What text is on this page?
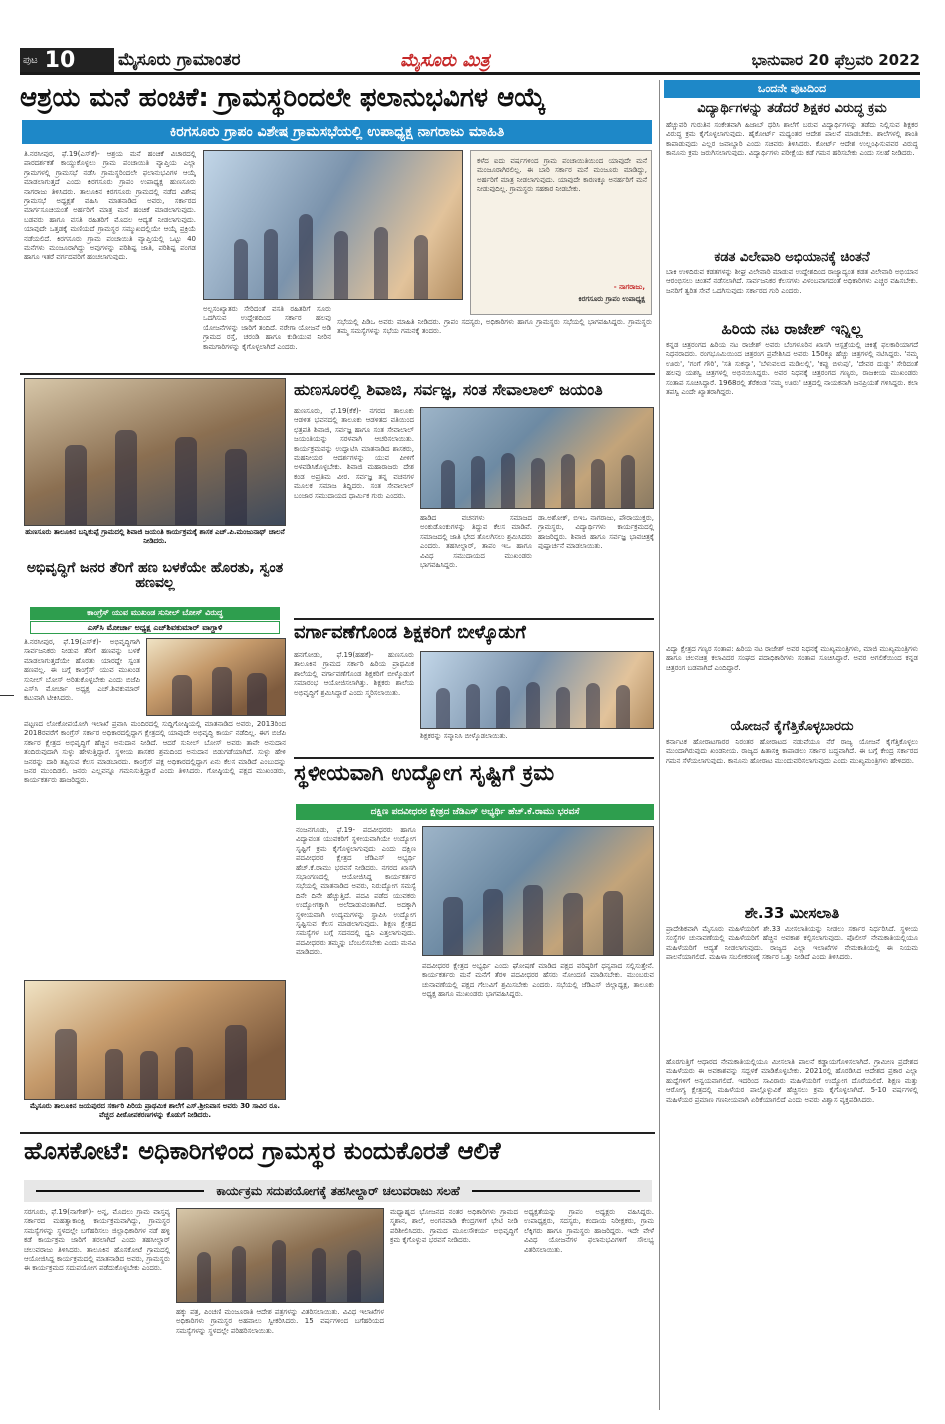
ಪುಟ 10	ಮೈಸೂರು ಗ್ರಾಮಾಂತರ	ಮೈಸೂರು ಮಿತ್ರ	ಭಾನುವಾರ 20 ಫೆಬ್ರವರಿ 2022
ಆಶ್ರಯ ಮನೆ ಹಂಚಿಕೆ: ಗ್ರಾಮಸ್ಥರಿಂದಲೇ ಫಲಾನುಭವಿಗಳ ಆಯ್ಕೆ
ಕಿರಗಸೂರು ಗ್ರಾಪಂ ವಿಶೇಷ ಗ್ರಾಮಸಭೆಯಲ್ಲಿ ಉಪಾಧ್ಯಕ್ಷ ನಾಗರಾಜು ಮಾಹಿತಿ

ತಿ.ನರಸೀಪುರ, ಫೆ.19(ಎಸ್‌ಕೆ)- ಆಶ್ರಯ ಮನೆ ಹಂಚಿಕೆ ವಿಚಾರದಲ್ಲಿ ಪಾರದರ್ಶಕತೆ ಕಾಯ್ದುಕೊಳ್ಳಲು ಗ್ರಾಮ ಪಂಚಾಯಿತಿ ವ್ಯಾಪ್ತಿಯ ಎಲ್ಲಾ ಗ್ರಾಮಗಳಲ್ಲಿ ಗ್ರಾಮಸಭೆ ನಡೆಸಿ ಗ್ರಾಮಸ್ಥರಿಂದಲೇ ಫಲಾನುಭವಿಗಳ ಆಯ್ಕೆ ಮಾಡಲಾಗುತ್ತದೆ ಎಂದು ಕಿರಗಸೂರು ಗ್ರಾಪಂ ಉಪಾಧ್ಯಕ್ಷ ಹುಣಸೂರು ನಾಗರಾಜು ತಿಳಿಸಿದರು. ತಾಲೂಕಿನ ಕಿರಗಸೂರು ಗ್ರಾಮದಲ್ಲಿ ನಡೆದ ವಿಶೇಷ ಗ್ರಾಮಸಭೆ ಅಧ್ಯಕ್ಷತೆ ವಹಿಸಿ ಮಾತನಾಡಿದ ಅವರು, ಸರ್ಕಾರದ ಮಾರ್ಗಸೂಚಿಯಂತೆ ಅರ್ಹರಿಗೆ ಮಾತ್ರ ಮನೆ ಹಂಚಿಕೆ ಮಾಡಲಾಗುವುದು. ಬಡವರು ಹಾಗೂ ವಸತಿ ರಹಿತರಿಗೆ ಮೊದಲ ಆದ್ಯತೆ ನೀಡಲಾಗುವುದು. ಯಾವುದೇ ಒತ್ತಡಕ್ಕೆ ಮಣಿಯದೆ ಗ್ರಾಮಸ್ಥರ ಸಮ್ಮುಖದಲ್ಲಿಯೇ ಆಯ್ಕೆ ಪ್ರಕ್ರಿಯೆ ನಡೆಯಲಿದೆ. ಕಿರಗಸೂರು ಗ್ರಾಮ ಪಂಚಾಯಿತಿ ವ್ಯಾಪ್ತಿಯಲ್ಲಿ ಒಟ್ಟು 40 ಮನೆಗಳು ಮಂಜೂರಾಗಿದ್ದು ಅವುಗಳನ್ನು ಪರಿಶಿಷ್ಟ ಜಾತಿ, ಪರಿಶಿಷ್ಟ ಪಂಗಡ ಹಾಗೂ ಇತರೆ ವರ್ಗದವರಿಗೆ ಹಂಚಲಾಗುವುದು.

ಕಳೆದ ಐದು ವರ್ಷಗಳಿಂದ ಗ್ರಾಮ ಪಂಚಾಯಿತಿಯಿಂದ ಯಾವುದೇ ಮನೆ ಮಂಜೂರಾಗಿರಲಿಲ್ಲ. ಈ ಬಾರಿ ಸರ್ಕಾರ ಮನೆ ಮಂಜೂರು ಮಾಡಿದ್ದು, ಅರ್ಹರಿಗೆ ಮಾತ್ರ ನೀಡಲಾಗುವುದು. ಯಾವುದೇ ಕಾರಣಕ್ಕೂ ಅನರ್ಹರಿಗೆ ಮನೆ ನೀಡುವುದಿಲ್ಲ. ಗ್ರಾಮಸ್ಥರು ಸಹಕಾರ ನೀಡಬೇಕು.
- ನಾಗರಾಜು,
ಕಿರಗಸೂರು ಗ್ರಾಪಂ ಉಪಾಧ್ಯಕ್ಷ
ಅಲ್ಪಸಂಖ್ಯಾತರು ಸೇರಿದಂತೆ ವಸತಿ ರಹಿತರಿಗೆ ಸೂರು ಒದಗಿಸುವ ಉದ್ದೇಶದಿಂದ ಸರ್ಕಾರ ಹಲವು ಯೋಜನೆಗಳನ್ನು ಜಾರಿಗೆ ತಂದಿದೆ. ನರೇಗಾ ಯೋಜನೆ ಅಡಿ ಗ್ರಾಮದ ರಸ್ತೆ, ಚರಂಡಿ ಹಾಗೂ ಕುಡಿಯುವ ನೀರಿನ ಕಾಮಗಾರಿಗಳನ್ನು ಕೈಗೊಳ್ಳಲಾಗಿದೆ ಎಂದರು.
ಸಭೆಯಲ್ಲಿ ಪಿಡಿಒ ಅವರು ಮಾಹಿತಿ ನೀಡಿದರು. ಗ್ರಾಪಂ ಸದಸ್ಯರು, ಅಧಿಕಾರಿಗಳು ಹಾಗೂ ಗ್ರಾಮಸ್ಥರು ಸಭೆಯಲ್ಲಿ ಭಾಗವಹಿಸಿದ್ದರು. ಗ್ರಾಮಸ್ಥರು ತಮ್ಮ ಸಮಸ್ಯೆಗಳನ್ನು ಸಭೆಯ ಗಮನಕ್ಕೆ ತಂದರು.
ಹುಣಸೂರು ತಾಲೂಕಿನ ಬನ್ನಿಕುಪ್ಪೆ ಗ್ರಾಮದಲ್ಲಿ ಶಿವಾಜಿ ಜಯಂತಿ ಕಾರ್ಯಕ್ರಮಕ್ಕೆ ಶಾಸಕ ಎಚ್.ಪಿ.ಮಂಜುನಾಥ್ ಚಾಲನೆ ನೀಡಿದರು.
ಹುಣಸೂರಲ್ಲಿ ಶಿವಾಜಿ, ಸರ್ವಜ್ಞ, ಸಂತ ಸೇವಾಲಾಲ್ ಜಯಂತಿ
ಹುಣಸೂರು, ಫೆ.19(ಕೆಕೆ)- ನಗರದ ತಾಲೂಕು ಆಡಳಿತ ಭವನದಲ್ಲಿ ತಾಲೂಕು ಆಡಳಿತದ ವತಿಯಿಂದ ಛತ್ರಪತಿ ಶಿವಾಜಿ, ಸರ್ವಜ್ಞ ಹಾಗೂ ಸಂತ ಸೇವಾಲಾಲ್ ಜಯಂತಿಯನ್ನು ಸರಳವಾಗಿ ಆಚರಿಸಲಾಯಿತು. ಕಾರ್ಯಕ್ರಮವನ್ನು ಉದ್ಘಾಟಿಸಿ ಮಾತನಾಡಿದ ಶಾಸಕರು, ಮಹನೀಯರ ಆದರ್ಶಗಳನ್ನು ಯುವ ಪೀಳಿಗೆ ಅಳವಡಿಸಿಕೊಳ್ಳಬೇಕು. ಶಿವಾಜಿ ಮಹಾರಾಜರು ದೇಶ ಕಂಡ ಅಪ್ರತಿಮ ವೀರ. ಸರ್ವಜ್ಞ ತನ್ನ ವಚನಗಳ ಮೂಲಕ ಸಮಾಜ ತಿದ್ದಿದರು. ಸಂತ ಸೇವಾಲಾಲ್ ಬಂಜಾರ ಸಮುದಾಯದ ಧಾರ್ಮಿಕ ಗುರು ಎಂದರು.
ಹಾಡಿದ ವಚನಗಳು ಸಮಾಜದ ಅಂಕುಡೊಂಕುಗಳನ್ನು ತಿದ್ದುವ ಕೆಲಸ ಮಾಡಿವೆ. ಸಮಾಜದಲ್ಲಿ ಜಾತಿ ಭೇದ ತೊಲಗಿಸಲು ಶ್ರಮಿಸಿದರು ಎಂದರು. ತಹಸೀಲ್ದಾರ್, ತಾಪಂ ಇಒ ಹಾಗೂ ವಿವಿಧ ಸಮುದಾಯದ ಮುಖಂಡರು ಭಾಗವಹಿಸಿದ್ದರು.
ಡಾ.ಅಶೋಕ್, ಬಿಇಒ ನಾಗರಾಜು, ಪೌರಾಯುಕ್ತರು, ಗ್ರಾಮಸ್ಥರು, ವಿದ್ಯಾರ್ಥಿಗಳು ಕಾರ್ಯಕ್ರಮದಲ್ಲಿ ಹಾಜರಿದ್ದರು. ಶಿವಾಜಿ ಹಾಗೂ ಸರ್ವಜ್ಞ ಭಾವಚಿತ್ರಕ್ಕೆ ಪುಷ್ಪಾರ್ಚನೆ ಮಾಡಲಾಯಿತು.
ಅಭಿವೃದ್ಧಿಗೆ ಜನರ ತೆರಿಗೆ ಹಣ ಬಳಕೆಯೇ ಹೊರತು, ಸ್ವಂತ ಹಣವಲ್ಲ
ಕಾಂಗ್ರೆಸ್ ಯುವ ಮುಖಂಡ ಸುನೀಲ್ ಬೋಸ್ ವಿರುದ್ಧ
ಎಸ್‌ಸಿ ಮೋರ್ಚಾ ಅಧ್ಯಕ್ಷ ಎಚ್‌ಶಿವಕುಮಾರ್ ವಾಗ್ದಾಳಿ
ತಿ.ನರಸೀಪುರ, ಫೆ.19(ಎಸ್‌ಕೆ)- ಅಭಿವೃದ್ಧಿಗಾಗಿ ಸಾರ್ವಜನಿಕರು ನೀಡುವ ತೆರಿಗೆ ಹಣವನ್ನು ಬಳಕೆ ಮಾಡಲಾಗುತ್ತದೆಯೇ ಹೊರತು ಯಾರದ್ದೇ ಸ್ವಂತ ಹಣವಲ್ಲ. ಈ ಬಗ್ಗೆ ಕಾಂಗ್ರೆಸ್ ಯುವ ಮುಖಂಡ ಸುನೀಲ್ ಬೋಸ್ ಅರಿತುಕೊಳ್ಳಬೇಕು ಎಂದು ಬಿಜೆಪಿ ಎಸ್‌ಸಿ ಮೋರ್ಚಾ ಅಧ್ಯಕ್ಷ ಎಚ್.ಶಿವಕುಮಾರ್ ಕಟುವಾಗಿ ಟೀಕಿಸಿದರು.
ಪಟ್ಟಣದ ಲೋಕೋಪಯೋಗಿ ಇಲಾಖೆ ಪ್ರವಾಸಿ ಮಂದಿರದಲ್ಲಿ ಸುದ್ದಿಗೋಷ್ಠಿಯಲ್ಲಿ ಮಾತನಾಡಿದ ಅವರು, 2013ರಿಂದ 2018ರವರೆಗೆ ಕಾಂಗ್ರೆಸ್ ಸರ್ಕಾರ ಅಧಿಕಾರದಲ್ಲಿದ್ದಾಗ ಕ್ಷೇತ್ರದಲ್ಲಿ ಯಾವುದೇ ಅಭಿವೃದ್ಧಿ ಕಾರ್ಯ ನಡೆದಿಲ್ಲ. ಈಗ ಬಿಜೆಪಿ ಸರ್ಕಾರ ಕ್ಷೇತ್ರದ ಅಭಿವೃದ್ಧಿಗೆ ಹೆಚ್ಚಿನ ಅನುದಾನ ನೀಡಿದೆ. ಆದರೆ ಸುನೀಲ್ ಬೋಸ್ ಅವರು ತಾವೇ ಅನುದಾನ ತಂದಿರುವುದಾಗಿ ಸುಳ್ಳು ಹೇಳುತ್ತಿದ್ದಾರೆ. ಸ್ಥಳೀಯ ಶಾಸಕರ ಶ್ರಮದಿಂದ ಅನುದಾನ ಬಿಡುಗಡೆಯಾಗಿದೆ. ಸುಳ್ಳು ಹೇಳಿ ಜನರನ್ನು ದಾರಿ ತಪ್ಪಿಸುವ ಕೆಲಸ ಮಾಡಬಾರದು. ಕಾಂಗ್ರೆಸ್ ಪಕ್ಷ ಅಧಿಕಾರದಲ್ಲಿದ್ದಾಗ ಏನು ಕೆಲಸ ಮಾಡಿದೆ ಎಂಬುದನ್ನು ಜನರ ಮುಂದಿಡಲಿ. ಜನರು ಎಲ್ಲವನ್ನೂ ಗಮನಿಸುತ್ತಿದ್ದಾರೆ ಎಂದು ತಿಳಿಸಿದರು. ಗೋಷ್ಠಿಯಲ್ಲಿ ಪಕ್ಷದ ಮುಖಂಡರು, ಕಾರ್ಯಕರ್ತರು ಹಾಜರಿದ್ದರು.
ವರ್ಗಾವಣೆಗೊಂಡ ಶಿಕ್ಷಕರಿಗೆ ಬೀಳ್ಕೊಡುಗೆ
ಹನಗೋಡು, ಫೆ.19(ಹಹಕೆ)- ಹುಣಸೂರು ತಾಲೂಕಿನ ಗ್ರಾಮದ ಸರ್ಕಾರಿ ಹಿರಿಯ ಪ್ರಾಥಮಿಕ ಶಾಲೆಯಲ್ಲಿ ವರ್ಗಾವಣೆಗೊಂಡ ಶಿಕ್ಷಕರಿಗೆ ಬೀಳ್ಕೊಡುಗೆ ಸಮಾರಂಭ ಆಯೋಜಿಸಲಾಗಿತ್ತು. ಶಿಕ್ಷಕರು ಶಾಲೆಯ ಅಭಿವೃದ್ಧಿಗೆ ಶ್ರಮಿಸಿದ್ದಾರೆ ಎಂದು ಸ್ಮರಿಸಲಾಯಿತು.
ಶಿಕ್ಷಕರನ್ನು ಸನ್ಮಾನಿಸಿ ಬೀಳ್ಕೊಡಲಾಯಿತು.
ಸ್ಥಳೀಯವಾಗಿ ಉದ್ಯೋಗ ಸೃಷ್ಟಿಗೆ ಕ್ರಮ
ದಕ್ಷಿಣ ಪದವೀಧರರ ಕ್ಷೇತ್ರದ ಜೆಡಿಎಸ್ ಅಭ್ಯರ್ಥಿ ಹೆಚ್.ಕೆ.ರಾಮು ಭರವಸೆ
ನಂಜನಗೂಡು, ಫೆ.19- ಪದವೀಧರರು ಹಾಗೂ ವಿದ್ಯಾವಂತ ಯುವಕರಿಗೆ ಸ್ಥಳೀಯವಾಗಿಯೇ ಉದ್ಯೋಗ ಸೃಷ್ಟಿಗೆ ಕ್ರಮ ಕೈಗೊಳ್ಳಲಾಗುವುದು ಎಂದು ದಕ್ಷಿಣ ಪದವೀಧರರ ಕ್ಷೇತ್ರದ ಜೆಡಿಎಸ್ ಅಭ್ಯರ್ಥಿ ಹೆಚ್.ಕೆ.ರಾಮು ಭರವಸೆ ನೀಡಿದರು. ನಗರದ ಖಾಸಗಿ ಸಭಾಂಗಣದಲ್ಲಿ ಆಯೋಜಿಸಿದ್ದ ಕಾರ್ಯಕರ್ತರ ಸಭೆಯಲ್ಲಿ ಮಾತನಾಡಿದ ಅವರು, ನಿರುದ್ಯೋಗ ಸಮಸ್ಯೆ ದಿನೇ ದಿನೇ ಹೆಚ್ಚುತ್ತಿದೆ. ಪದವಿ ಪಡೆದ ಯುವಕರು ಉದ್ಯೋಗಕ್ಕಾಗಿ ಅಲೆದಾಡುವಂತಾಗಿದೆ. ಅದಕ್ಕಾಗಿ ಸ್ಥಳೀಯವಾಗಿ ಉದ್ಯಮಗಳನ್ನು ಸ್ಥಾಪಿಸಿ ಉದ್ಯೋಗ ಸೃಷ್ಟಿಸುವ ಕೆಲಸ ಮಾಡಲಾಗುವುದು. ಶಿಕ್ಷಣ ಕ್ಷೇತ್ರದ ಸಮಸ್ಯೆಗಳ ಬಗ್ಗೆ ಸದನದಲ್ಲಿ ಧ್ವನಿ ಎತ್ತಲಾಗುವುದು. ಪದವೀಧರರು ತಮ್ಮನ್ನು ಬೆಂಬಲಿಸಬೇಕು ಎಂದು ಮನವಿ ಮಾಡಿದರು.
ಪದವೀಧರರ ಕ್ಷೇತ್ರದ ಅಭ್ಯರ್ಥಿ ಎಂದು ಘೋಷಣೆ ಮಾಡಿದ ಪಕ್ಷದ ವರಿಷ್ಠರಿಗೆ ಧನ್ಯವಾದ ಸಲ್ಲಿಸುತ್ತೇನೆ. ಕಾರ್ಯಕರ್ತರು ಮನೆ ಮನೆಗೆ ತೆರಳಿ ಪದವೀಧರರ ಹೆಸರು ನೋಂದಣಿ ಮಾಡಿಸಬೇಕು. ಮುಂಬರುವ ಚುನಾವಣೆಯಲ್ಲಿ ಪಕ್ಷದ ಗೆಲುವಿಗೆ ಶ್ರಮಿಸಬೇಕು ಎಂದರು. ಸಭೆಯಲ್ಲಿ ಜೆಡಿಎಸ್ ಜಿಲ್ಲಾಧ್ಯಕ್ಷ, ತಾಲೂಕು ಅಧ್ಯಕ್ಷ ಹಾಗೂ ಮುಖಂಡರು ಭಾಗವಹಿಸಿದ್ದರು.
ಮೈಸೂರು ತಾಲೂಕಿನ ಜಯಪುರದ ಸರ್ಕಾರಿ ಪಿರಿಯ ಪ್ರಾಥಮಿಕ ಶಾಲೆಗೆ ಎಸ್.ಶ್ರೀನಿವಾಸ ಅವರು 30 ಸಾವಿರ ರೂ. ವೆಚ್ಚದ ಪೀಠೋಪಕರಣಗಳನ್ನು ಕೊಡುಗೆ ನೀಡಿದರು.
ಹೊಸಕೋಟೆ: ಅಧಿಕಾರಿಗಳಿಂದ ಗ್ರಾಮಸ್ಥರ ಕುಂದುಕೊರತೆ ಆಲಿಕೆ
ಕಾರ್ಯಕ್ರಮ ಸದುಪಯೋಗಕ್ಕೆ ತಹಸೀಲ್ದಾರ್ ಚಲುವರಾಜು ಸಲಹೆ
ಸರಗೂರು, ಫೆ.19(ನಾಗೇಶ್)- ಅನ್ನ, ಮೊದಲು ಗ್ರಾಮ ವಾಸ್ತವ್ಯ ಸರ್ಕಾರದ ಮಹತ್ವಾಕಾಂಕ್ಷಿ ಕಾರ್ಯಕ್ರಮವಾಗಿದ್ದು, ಗ್ರಾಮಸ್ಥರ ಸಮಸ್ಯೆಗಳನ್ನು ಸ್ಥಳದಲ್ಲೇ ಬಗೆಹರಿಸಲು ಜಿಲ್ಲಾಧಿಕಾರಿಗಳ ನಡೆ ಹಳ್ಳಿ ಕಡೆ ಕಾರ್ಯಕ್ರಮ ಜಾರಿಗೆ ತರಲಾಗಿದೆ ಎಂದು ತಹಸೀಲ್ದಾರ್ ಚಲುವರಾಜು ತಿಳಿಸಿದರು. ತಾಲೂಕಿನ ಹೊಸಕೋಟೆ ಗ್ರಾಮದಲ್ಲಿ ಆಯೋಜಿಸಿದ್ದ ಕಾರ್ಯಕ್ರಮದಲ್ಲಿ ಮಾತನಾಡಿದ ಅವರು, ಗ್ರಾಮಸ್ಥರು ಈ ಕಾರ್ಯಕ್ರಮದ ಸದುಪಯೋಗ ಪಡೆದುಕೊಳ್ಳಬೇಕು ಎಂದರು.
ಹಕ್ಕು ಪತ್ರ, ಪಿಂಚಣಿ ಮಂಜೂರಾತಿ ಆದೇಶ ಪತ್ರಗಳನ್ನು ವಿತರಿಸಲಾಯಿತು. ವಿವಿಧ ಇಲಾಖೆಗಳ ಅಧಿಕಾರಿಗಳು ಗ್ರಾಮಸ್ಥರ ಅಹವಾಲು ಸ್ವೀಕರಿಸಿದರು. 15 ವರ್ಷಗಳಿಂದ ಬಗೆಹರಿಯದ ಸಮಸ್ಯೆಗಳನ್ನು ಸ್ಥಳದಲ್ಲೇ ಪರಿಹರಿಸಲಾಯಿತು.
ಮಧ್ಯಾಹ್ನದ ಭೋಜನದ ನಂತರ ಅಧಿಕಾರಿಗಳು ಗ್ರಾಮದ ಸ್ಮಶಾನ, ಶಾಲೆ, ಅಂಗನವಾಡಿ ಕೇಂದ್ರಗಳಿಗೆ ಭೇಟಿ ನೀಡಿ ಪರಿಶೀಲಿಸಿದರು. ಗ್ರಾಮದ ಮೂಲಸೌಕರ್ಯ ಅಭಿವೃದ್ಧಿಗೆ ಕ್ರಮ ಕೈಗೊಳ್ಳುವ ಭರವಸೆ ನೀಡಿದರು.
ಅಧ್ಯಕ್ಷತೆಯನ್ನು ಗ್ರಾಪಂ ಅಧ್ಯಕ್ಷರು ವಹಿಸಿದ್ದರು. ಉಪಾಧ್ಯಕ್ಷರು, ಸದಸ್ಯರು, ಕಂದಾಯ ನಿರೀಕ್ಷಕರು, ಗ್ರಾಮ ಲೆಕ್ಕಿಗರು ಹಾಗೂ ಗ್ರಾಮಸ್ಥರು ಹಾಜರಿದ್ದರು. ಇದೇ ವೇಳೆ ವಿವಿಧ ಯೋಜನೆಗಳ ಫಲಾನುಭವಿಗಳಿಗೆ ಸೌಲಭ್ಯ ವಿತರಿಸಲಾಯಿತು.
ಒಂದನೇ ಪುಟದಿಂದ
ವಿದ್ಯಾರ್ಥಿಗಳನ್ನು ತಡೆದರೆ ಶಿಕ್ಷಕರ ವಿರುದ್ಧ ಕ್ರಮ
ಹೆಚ್ಚುವರಿ ಗುರುತಿನ ಸಂಕೇತವಾಗಿ ಹಿಜಾಬ್ ಧರಿಸಿ ಶಾಲೆಗೆ ಬರುವ ವಿದ್ಯಾರ್ಥಿಗಳನ್ನು ತಡೆದು ನಿಲ್ಲಿಸುವ ಶಿಕ್ಷಕರ ವಿರುದ್ಧ ಕ್ರಮ ಕೈಗೊಳ್ಳಲಾಗುವುದು. ಹೈಕೋರ್ಟ್ ಮಧ್ಯಂತರ ಆದೇಶ ಪಾಲನೆ ಮಾಡಬೇಕು. ಶಾಲೆಗಳಲ್ಲಿ ಶಾಂತಿ ಕಾಪಾಡುವುದು ಎಲ್ಲರ ಜವಾಬ್ದಾರಿ ಎಂದು ಸಚಿವರು ತಿಳಿಸಿದರು. ಕೋರ್ಟ್ ಆದೇಶ ಉಲ್ಲಂಘಿಸುವವರ ವಿರುದ್ಧ ಕಾನೂನು ಕ್ರಮ ಜರುಗಿಸಲಾಗುವುದು. ವಿದ್ಯಾರ್ಥಿಗಳು ಪರೀಕ್ಷೆಯ ಕಡೆ ಗಮನ ಹರಿಸಬೇಕು ಎಂದು ಸಲಹೆ ನೀಡಿದರು.
ಕಡತ ವಿಲೇವಾರಿ ಅಭಿಯಾನಕ್ಕೆ ಚಿಂತನೆ
ಬಾಕಿ ಉಳಿದಿರುವ ಕಡತಗಳನ್ನು ಶೀಘ್ರ ವಿಲೇವಾರಿ ಮಾಡುವ ಉದ್ದೇಶದಿಂದ ರಾಜ್ಯಾದ್ಯಂತ ಕಡತ ವಿಲೇವಾರಿ ಅಭಿಯಾನ ಆರಂಭಿಸಲು ಚಿಂತನೆ ನಡೆಸಲಾಗಿದೆ. ಸಾರ್ವಜನಿಕರ ಕೆಲಸಗಳು ವಿಳಂಬವಾಗದಂತೆ ಅಧಿಕಾರಿಗಳು ಎಚ್ಚರ ವಹಿಸಬೇಕು. ಜನರಿಗೆ ತ್ವರಿತ ಸೇವೆ ಒದಗಿಸುವುದು ಸರ್ಕಾರದ ಗುರಿ ಎಂದರು.
ಹಿರಿಯ ನಟ ರಾಜೇಶ್ ಇನ್ನಿಲ್ಲ
ಕನ್ನಡ ಚಿತ್ರರಂಗದ ಹಿರಿಯ ನಟ ರಾಜೇಶ್ ಅವರು ಬೆಂಗಳೂರಿನ ಖಾಸಗಿ ಆಸ್ಪತ್ರೆಯಲ್ಲಿ ಚಿಕಿತ್ಸೆ ಫಲಕಾರಿಯಾಗದೆ ನಿಧನರಾದರು. ರಂಗಭೂಮಿಯಿಂದ ಚಿತ್ರರಂಗ ಪ್ರವೇಶಿಸಿದ ಅವರು 150ಕ್ಕೂ ಹೆಚ್ಚು ಚಿತ್ರಗಳಲ್ಲಿ ನಟಿಸಿದ್ದರು. 'ನಮ್ಮ ಊರು', 'ಗಂಗೆ ಗೌರಿ', 'ಸತಿ ಸುಕನ್ಯಾ', 'ಬೆಳುವಲದ ಮಡಿಲಲ್ಲಿ', 'ಕಪ್ಪು ಬಿಳುಪು', 'ದೇವರ ದುಡ್ಡು' ಸೇರಿದಂತೆ ಹಲವು ಯಶಸ್ವಿ ಚಿತ್ರಗಳಲ್ಲಿ ಅಭಿನಯಿಸಿದ್ದರು. ಅವರ ನಿಧನಕ್ಕೆ ಚಿತ್ರರಂಗದ ಗಣ್ಯರು, ರಾಜಕೀಯ ಮುಖಂಡರು ಸಂತಾಪ ಸೂಚಿಸಿದ್ದಾರೆ. 1968ರಲ್ಲಿ ತೆರೆಕಂಡ 'ನಮ್ಮ ಊರು' ಚಿತ್ರದಲ್ಲಿ ನಾಯಕನಾಗಿ ಜನಪ್ರಿಯತೆ ಗಳಿಸಿದ್ದರು. ಕಲಾ ತಪಸ್ವಿ ಎಂದೇ ಖ್ಯಾತರಾಗಿದ್ದರು.
ವಿದ್ಯಾ ಕ್ಷೇತ್ರದ ಗಣ್ಯರ ಸಂತಾಪ: ಹಿರಿಯ ನಟ ರಾಜೇಶ್ ಅವರ ನಿಧನಕ್ಕೆ ಮುಖ್ಯಮಂತ್ರಿಗಳು, ಮಾಜಿ ಮುಖ್ಯಮಂತ್ರಿಗಳು ಹಾಗೂ ಚಲನಚಿತ್ರ ಕಲಾವಿದರ ಸಂಘದ ಪದಾಧಿಕಾರಿಗಳು ಸಂತಾಪ ಸೂಚಿಸಿದ್ದಾರೆ. ಅವರ ಅಗಲಿಕೆಯಿಂದ ಕನ್ನಡ ಚಿತ್ರರಂಗ ಬಡವಾಗಿದೆ ಎಂದಿದ್ದಾರೆ.
ಯೋಜನೆ ಕೈಗೆತ್ತಿಕೊಳ್ಳಬಾರದು
ಕರ್ನಾಟಕ ಹೋರಾಟಗಾರರ ನಿರಂತರ ಹೋರಾಟದ ನಡುವೆಯೂ ನೆರೆ ರಾಜ್ಯ ಯೋಜನೆ ಕೈಗೆತ್ತಿಕೊಳ್ಳಲು ಮುಂದಾಗಿರುವುದು ಖಂಡನೀಯ. ರಾಜ್ಯದ ಹಿತಾಸಕ್ತಿ ಕಾಪಾಡಲು ಸರ್ಕಾರ ಬದ್ಧವಾಗಿದೆ. ಈ ಬಗ್ಗೆ ಕೇಂದ್ರ ಸರ್ಕಾರದ ಗಮನ ಸೆಳೆಯಲಾಗುವುದು. ಕಾನೂನು ಹೋರಾಟ ಮುಂದುವರಿಸಲಾಗುವುದು ಎಂದು ಮುಖ್ಯಮಂತ್ರಿಗಳು ಹೇಳಿದರು.
ಶೇ.33 ಮೀಸಲಾತಿ
ಪ್ರಾದೇಶಿಕವಾಗಿ ಮೈಸೂರು ಮಹಿಳೆಯರಿಗೆ ಶೇ.33 ಮೀಸಲಾತಿಯನ್ನು ನೀಡಲು ಸರ್ಕಾರ ನಿರ್ಧರಿಸಿದೆ. ಸ್ಥಳೀಯ ಸಂಸ್ಥೆಗಳ ಚುನಾವಣೆಯಲ್ಲಿ ಮಹಿಳೆಯರಿಗೆ ಹೆಚ್ಚಿನ ಅವಕಾಶ ಕಲ್ಪಿಸಲಾಗುವುದು. ಪೊಲೀಸ್ ನೇಮಕಾತಿಯಲ್ಲಿಯೂ ಮಹಿಳೆಯರಿಗೆ ಆದ್ಯತೆ ನೀಡಲಾಗುವುದು. ರಾಜ್ಯದ ಎಲ್ಲಾ ಇಲಾಖೆಗಳ ನೇಮಕಾತಿಯಲ್ಲಿ ಈ ನಿಯಮ ಪಾಲನೆಯಾಗಲಿದೆ. ಮಹಿಳಾ ಸಬಲೀಕರಣಕ್ಕೆ ಸರ್ಕಾರ ಒತ್ತು ನೀಡಿದೆ ಎಂದು ತಿಳಿಸಿದರು.
ಹೊರಗುತ್ತಿಗೆ ಆಧಾರದ ನೇಮಕಾತಿಯಲ್ಲಿಯೂ ಮೀಸಲಾತಿ ಪಾಲನೆ ಕಡ್ಡಾಯಗೊಳಿಸಲಾಗಿದೆ. ಗ್ರಾಮೀಣ ಪ್ರದೇಶದ ಮಹಿಳೆಯರು ಈ ಅವಕಾಶವನ್ನು ಸದ್ಬಳಕೆ ಮಾಡಿಕೊಳ್ಳಬೇಕು. 2021ರಲ್ಲಿ ಹೊರಡಿಸಿದ ಆದೇಶದ ಪ್ರಕಾರ ಎಲ್ಲಾ ಹುದ್ದೆಗಳಿಗೆ ಅನ್ವಯವಾಗಲಿದೆ. ಇದರಿಂದ ಸಾವಿರಾರು ಮಹಿಳೆಯರಿಗೆ ಉದ್ಯೋಗ ದೊರೆಯಲಿದೆ. ಶಿಕ್ಷಣ ಮತ್ತು ಆರೋಗ್ಯ ಕ್ಷೇತ್ರದಲ್ಲಿ ಮಹಿಳೆಯರ ಪಾಲ್ಗೊಳ್ಳುವಿಕೆ ಹೆಚ್ಚಿಸಲು ಕ್ರಮ ಕೈಗೊಳ್ಳಲಾಗಿದೆ. 5-10 ವರ್ಷಗಳಲ್ಲಿ ಮಹಿಳೆಯರ ಪ್ರಮಾಣ ಗಣನೀಯವಾಗಿ ಏರಿಕೆಯಾಗಲಿದೆ ಎಂದು ಅವರು ವಿಶ್ವಾಸ ವ್ಯಕ್ತಪಡಿಸಿದರು.
